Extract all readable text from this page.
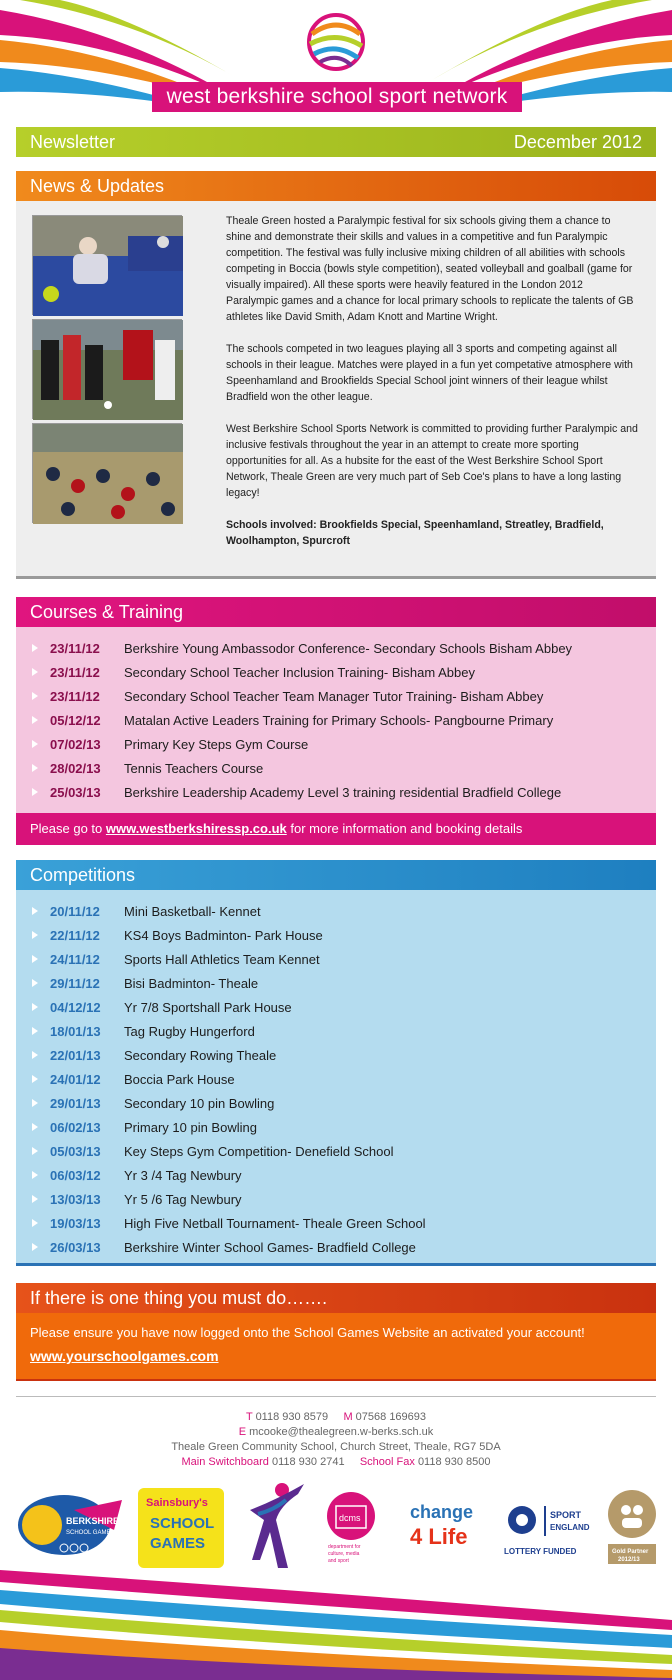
west berkshire school sport network
Newsletter	December 2012
News & Updates

Theale Green hosted a Paralympic festival for six schools giving them a chance to shine and demonstrate their skills and values in a competitive and fun Paralympic competition. The festival was fully inclusive mixing children of all abilities with schools competing in Boccia (bowls style competition), seated volleyball and goalball (game for visually impaired). All these sports were heavily featured in the London 2012 Paralympic games and a chance for local primary schools to replicate the talents of GB athletes like David Smith, Adam Knott and Martine Wright.

The schools competed in two leagues playing all 3 sports and competing against all schools in their league. Matches were played in a fun yet competative atmosphere with Speenhamland and Brookfields Special School joint winners of their league whilst Bradfield won the other league.

West Berkshire School Sports Network is committed to providing further Paralympic and inclusive festivals throughout the year in an attempt to create more sporting opportunities for all. As a hubsite for the east of the West Berkshire School Sport Network, Theale Green are very much part of Seb Coe's plans to have a long lasting legacy!

Schools involved: Brookfields Special, Speenhamland, Streatley, Bradfield, Woolhampton, Spurcroft

Courses & Training
23/11/12	Berkshire Young Ambassodor Conference- Secondary Schools Bisham Abbey
23/11/12	Secondary School Teacher Inclusion Training- Bisham Abbey
23/11/12	Secondary School Teacher Team Manager Tutor Training- Bisham Abbey
05/12/12	Matalan Active Leaders Training for Primary Schools- Pangbourne Primary
07/02/13	Primary Key Steps Gym Course
28/02/13	Tennis Teachers Course
25/03/13	Berkshire Leadership Academy Level 3 training residential Bradfield College
Please go to www.westberkshiressp.co.uk for more information and booking details
Competitions
20/11/12	Mini Basketball- Kennet
22/11/12	KS4 Boys Badminton- Park House
24/11/12	Sports Hall Athletics Team Kennet
29/11/12	Bisi Badminton- Theale
04/12/12	Yr 7/8 Sportshall Park House
18/01/13	Tag Rugby Hungerford
22/01/13	Secondary Rowing Theale
24/01/12	Boccia Park House
29/01/13	Secondary 10 pin Bowling
06/02/13	Primary 10 pin Bowling
05/03/13	Key Steps Gym Competition- Denefield School
06/03/12	Yr 3 /4 Tag Newbury
13/03/13	Yr 5 /6 Tag Newbury
19/03/13	High Five Netball Tournament- Theale Green School
26/03/13	Berkshire Winter School Games- Bradfield College
If there is one thing you must do…….
Please ensure you have now logged onto the School Games Website an activated your account!
www.yourschoolgames.com
T 0118 930 8579 M 07568 169693
E mcooke@thealegreen.w-berks.sch.uk
Theale Green Community School, Church Street, Theale, RG7 5DA
Main Switchboard 0118 930 2741 School Fax 0118 930 8500
BERKSHIRE
SCHOOL GAMES
Sainsbury's
SCHOOL
GAMES
dcms
department for
culture, media
and sport
change
4 Life
SPORT
ENGLAND
LOTTERY FUNDED	Gold Partner
2012/13
